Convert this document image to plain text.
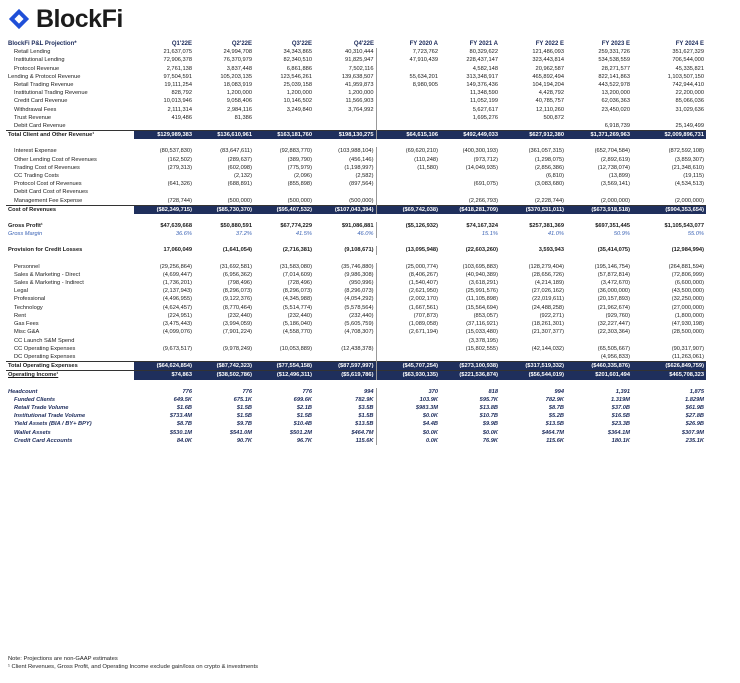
BlockFi
BlockFi P&L Projection*	Q1'22E	Q2'22E	Q3'22E	Q4'22E	FY 2020 A	FY 2021 A	FY 2022 E	FY 2023 E	FY 2024 E
Retail Lending	21,637,075	24,994,708	34,343,865	40,310,444	7,723,762	80,329,622	121,486,093	259,331,726	351,627,329
Institutional Lending	72,906,378	76,370,979	82,340,510	91,825,947	47,910,439	228,437,147	323,443,814	534,538,559	706,544,000
Protocol Revenue	2,761,138	3,837,448	6,861,886	7,502,116		4,582,148	20,962,587	28,271,577	45,335,821
Lending & Protocol Revenue	97,504,591	105,203,135	123,546,261	139,638,507	55,634,201	313,348,917	465,892,494	822,141,863	1,103,507,150
Retail Trading Revenue	19,111,254	18,083,919	25,039,158	41,959,873	8,980,905	149,376,436	104,194,204	443,522,978	742,944,410
Institutional Trading Revenue	828,792	1,200,000	1,200,000	1,200,000		11,348,590	4,428,792	13,200,000	22,200,000
Credit Card Revenue	10,013,946	9,058,406	10,146,502	11,566,903		11,052,199	40,785,757	62,036,363	85,066,036
Withdrawal Fees	2,111,314	2,984,116	3,249,840	3,764,992		5,627,617	12,110,260	23,450,020	31,029,636
Trust Revenue	419,486	81,386				1,695,276	500,872		
Debit Card Revenue								6,918,739	25,149,499
Total Client and Other Revenue¹	$129,989,383	$136,610,961	$163,181,760	$198,130,275	$64,615,106	$492,449,033	$627,912,380	$1,371,269,963	$2,009,896,731

Interest Expense	(80,537,830)	(83,647,611)	(92,883,770)	(103,988,104)	(69,620,210)	(400,300,193)	(361,057,315)	(652,704,584)	(872,592,108)
Other Lending Cost of Revenues	(162,502)	(289,637)	(389,790)	(456,146)	(110,248)	(973,712)	(1,298,075)	(2,892,619)	(3,859,307)
Trading Cost of Revenues	(279,313)	(602,098)	(775,979)	(1,198,997)	(11,580)	(14,049,935)	(2,856,386)	(12,738,074)	(21,348,610)
CC Trading Costs		(2,132)	(2,096)	(2,582)			(6,810)	(13,899)	(19,115)
Protocol Cost of Revenues	(641,326)	(688,891)	(855,898)	(897,564)		(691,075)	(3,083,680)	(3,569,141)	(4,534,513)
Debit Card Cost of Revenues									
Management Fee Expense	(728,744)	(500,000)	(500,000)	(500,000)		(2,266,793)	(2,228,744)	(2,000,000)	(2,000,000)
Cost of Revenues	($82,349,715)	($85,730,370)	($95,407,532)	($107,043,394)	($69,742,038)	($418,281,709)	($370,531,011)	($673,918,518)	($904,353,654)

Gross Profit¹	$47,639,668	$50,880,591	$67,774,229	$91,086,881	($5,126,932)	$74,167,324	$257,381,369	$697,351,445	$1,105,543,077
Gross Margin	36.6%	37.2%	41.5%	46.0%		15.1%	41.0%	50.9%	55.0%

Provision for Credit Losses	17,060,049	(1,641,054)	(2,716,381)	(9,108,671)	(13,095,948)	(22,603,260)	3,593,943	(35,414,075)	(12,984,994)

Personnel	(29,256,864)	(31,692,581)	(31,583,080)	(35,746,880)	(25,000,774)	(103,695,883)	(128,279,404)	(195,146,754)	(264,881,594)
Sales & Marketing - Direct	(4,699,447)	(6,956,362)	(7,014,609)	(9,986,308)	(8,406,267)	(40,940,389)	(28,656,726)	(57,872,814)	(72,806,999)
Sales & Marketing - Indirect	(1,736,201)	(798,496)	(728,496)	(950,996)	(1,540,407)	(3,618,291)	(4,214,189)	(3,472,670)	(6,600,000)
Legal	(2,137,943)	(8,296,073)	(8,296,073)	(8,296,073)	(2,621,950)	(25,991,576)	(27,026,162)	(36,000,000)	(43,500,000)
Professional	(4,496,955)	(9,122,376)	(4,345,988)	(4,054,292)	(2,002,170)	(11,105,898)	(22,019,611)	(20,157,893)	(32,250,000)
Technology	(4,624,457)	(8,770,464)	(5,514,774)	(5,578,564)	(1,667,561)	(15,564,694)	(24,488,258)	(21,962,674)	(27,000,000)
Rent	(224,951)	(232,440)	(232,440)	(232,440)	(707,873)	(853,057)	(922,271)	(929,760)	(1,800,000)
Gas Fees	(3,475,443)	(3,994,059)	(5,186,040)	(5,605,759)	(1,089,058)	(37,116,921)	(18,261,301)	(32,227,447)	(47,930,198)
Misc G&A	(4,099,076)	(7,901,224)	(4,558,770)	(4,708,307)	(2,671,194)	(15,033,480)	(21,307,377)	(22,303,364)	(28,500,000)
CC Launch S&M Spend						(3,378,195)			
CC Operating Expenses	(9,673,517)	(9,978,249)	(10,053,889)	(12,438,378)		(15,802,555)	(42,144,032)	(65,505,667)	(90,317,907)
DC Operating Expenses								(4,956,833)	(11,263,061)
Total Operating Expenses	($64,624,854)	($87,742,323)	($77,554,158)	($87,597,997)	($45,707,254)	($273,100,938)	($317,519,332)	($460,335,876)	($626,849,759)
Operating Income¹	$74,863	($38,502,786)	($12,496,311)	($5,619,786)	($63,930,135)	($221,536,874)	($56,544,019)	$201,601,494	$465,708,323

Headcount	776	776	776	994	370	818	994	1,391	1,875
Funded Clients	649.5K	675.1K	699.6K	782.9K	103.9K	595.7K	782.9K	1.319M	1.829M
Retail Trade Volume	$1.6B	$1.5B	$2.1B	$3.5B	$983.3M	$13.8B	$8.7B	$37.0B	$61.9B
Institutional Trade Volume	$733.4M	$1.5B	$1.5B	$1.5B	$0.0K	$10.7B	$5.2B	$16.5B	$27.8B
Yield Assets (BIA / BY+ BPY)	$8.7B	$9.7B	$10.4B	$13.5B	$4.4B	$9.9B	$13.5B	$23.3B	$26.9B
Wallet Assets	$530.1M	$541.0M	$501.2M	$464.7M	$0.0K	$0.0K	$464.7M	$364.1M	$307.9M
Credit Card Accounts	84.0K	90.7K	96.7K	115.6K	0.0K	76.9K	115.6K	180.1K	235.1K
Note: Projections are non-GAAP estimates
¹ Client Revenues, Gross Profit, and Operating Income exclude gain/loss on crypto & investments
